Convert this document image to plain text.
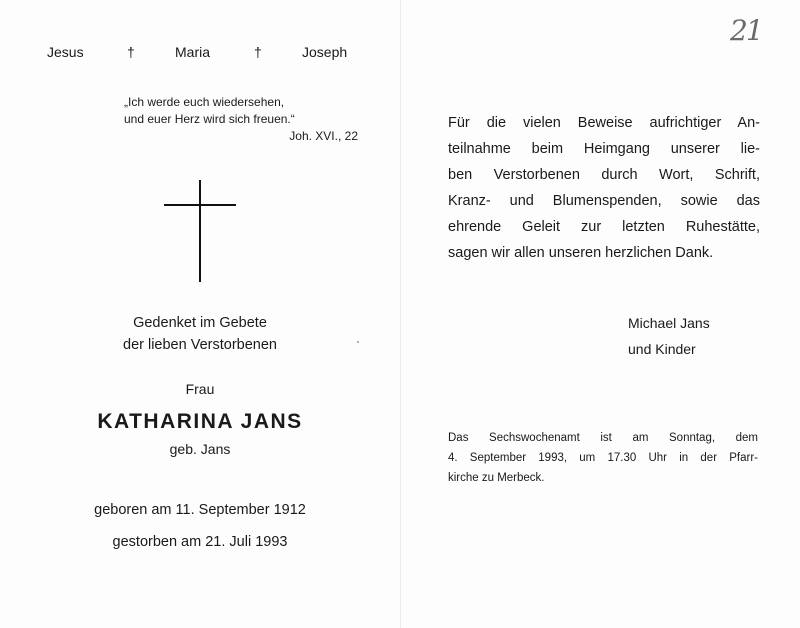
Jesus	†	Maria	†	Joseph
„Ich werde euch wiedersehen,
und euer Herz wird sich freuen.“
Joh. XVI., 22
Gedenket im Gebete
der lieben Verstorbenen
Frau
KATHARINA JANS
geb. Jans
geboren am 11. September 1912
gestorben am 21. Juli 1993
Für die vielen Beweise aufrichtiger An-
teilnahme beim Heimgang unserer lie-
ben Verstorbenen durch Wort, Schrift,
Kranz- und Blumenspenden, sowie das
ehrende Geleit zur letzten Ruhestätte,
sagen wir allen unseren herzlichen Dank.
Michael Jans
und Kinder
Das Sechswochenamt ist am Sonntag, dem
4. September 1993, um 17.30 Uhr in der Pfarr-
kirche zu Merbeck.
21
